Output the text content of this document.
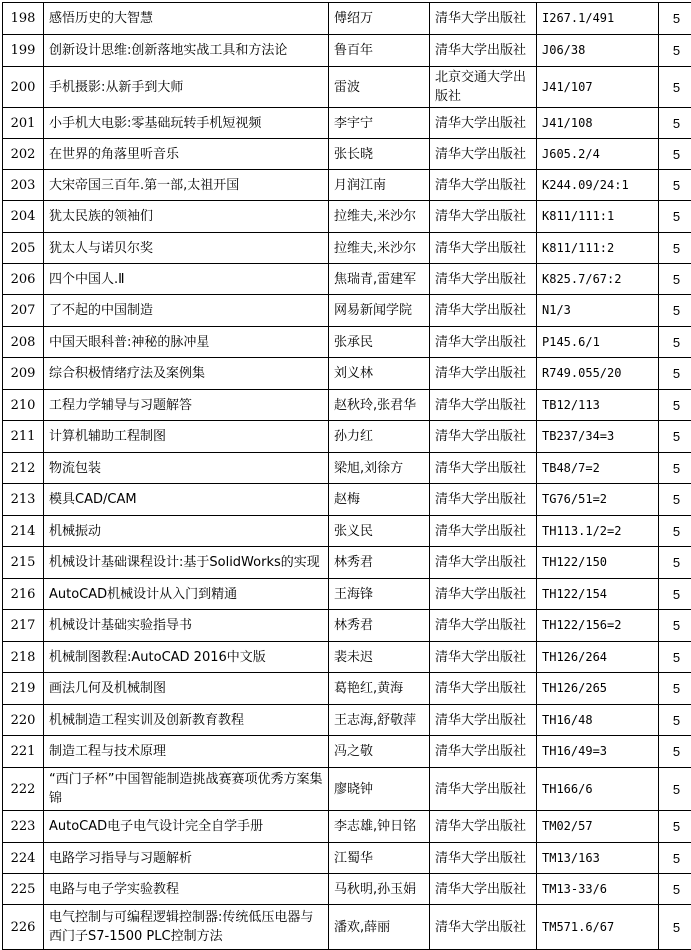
198	感悟历史的大智慧	傅绍万	清华大学出版社	I267.1/491	5
199	创新设计思维:创新落地实战工具和方法论	鲁百年	清华大学出版社	J06/38	5
200	手机摄影:从新手到大师	雷波	北京交通大学出版社	J41/107	5
201	小手机大电影:零基础玩转手机短视频	李宇宁	清华大学出版社	J41/108	5
202	在世界的角落里听音乐	张长晓	清华大学出版社	J605.2/4	5
203	大宋帝国三百年.第一部,太祖开国	月润江南	清华大学出版社	K244.09/24:1	5
204	犹太民族的领袖们	拉维夫,米沙尔	清华大学出版社	K811/111:1	5
205	犹太人与诺贝尔奖	拉维夫,米沙尔	清华大学出版社	K811/111:2	5
206	四个中国人.Ⅱ	焦瑞青,雷建军	清华大学出版社	K825.7/67:2	5
207	了不起的中国制造	网易新闻学院	清华大学出版社	N1/3	5
208	中国天眼科普:神秘的脉冲星	张承民	清华大学出版社	P145.6/1	5
209	综合积极情绪疗法及案例集	刘义林	清华大学出版社	R749.055/20	5
210	工程力学辅导与习题解答	赵秋玲,张君华	清华大学出版社	TB12/113	5
211	计算机辅助工程制图	孙力红	清华大学出版社	TB237/34=3	5
212	物流包装	梁旭,刘徐方	清华大学出版社	TB48/7=2	5
213	模具CAD/CAM	赵梅	清华大学出版社	TG76/51=2	5
214	机械振动	张义民	清华大学出版社	TH113.1/2=2	5
215	机械设计基础课程设计:基于SolidWorks的实现	林秀君	清华大学出版社	TH122/150	5
216	AutoCAD机械设计从入门到精通	王海锋	清华大学出版社	TH122/154	5
217	机械设计基础实验指导书	林秀君	清华大学出版社	TH122/156=2	5
218	机械制图教程:AutoCAD 2016中文版	裴未迟	清华大学出版社	TH126/264	5
219	画法几何及机械制图	葛艳红,黄海	清华大学出版社	TH126/265	5
220	机械制造工程实训及创新教育教程	王志海,舒敬萍	清华大学出版社	TH16/48	5
221	制造工程与技术原理	冯之敬	清华大学出版社	TH16/49=3	5
222	“西门子杯”中国智能制造挑战赛赛项优秀方案集锦	廖晓钟	清华大学出版社	TH166/6	5
223	AutoCAD电子电气设计完全自学手册	李志雄,钟日铭	清华大学出版社	TM02/57	5
224	电路学习指导与习题解析	江蜀华	清华大学出版社	TM13/163	5
225	电路与电子学实验教程	马秋明,孙玉娟	清华大学出版社	TM13-33/6	5
226	电气控制与可编程逻辑控制器:传统低压电器与西门子S7-1500 PLC控制方法	潘欢,薛丽	清华大学出版社	TM571.6/67	5
